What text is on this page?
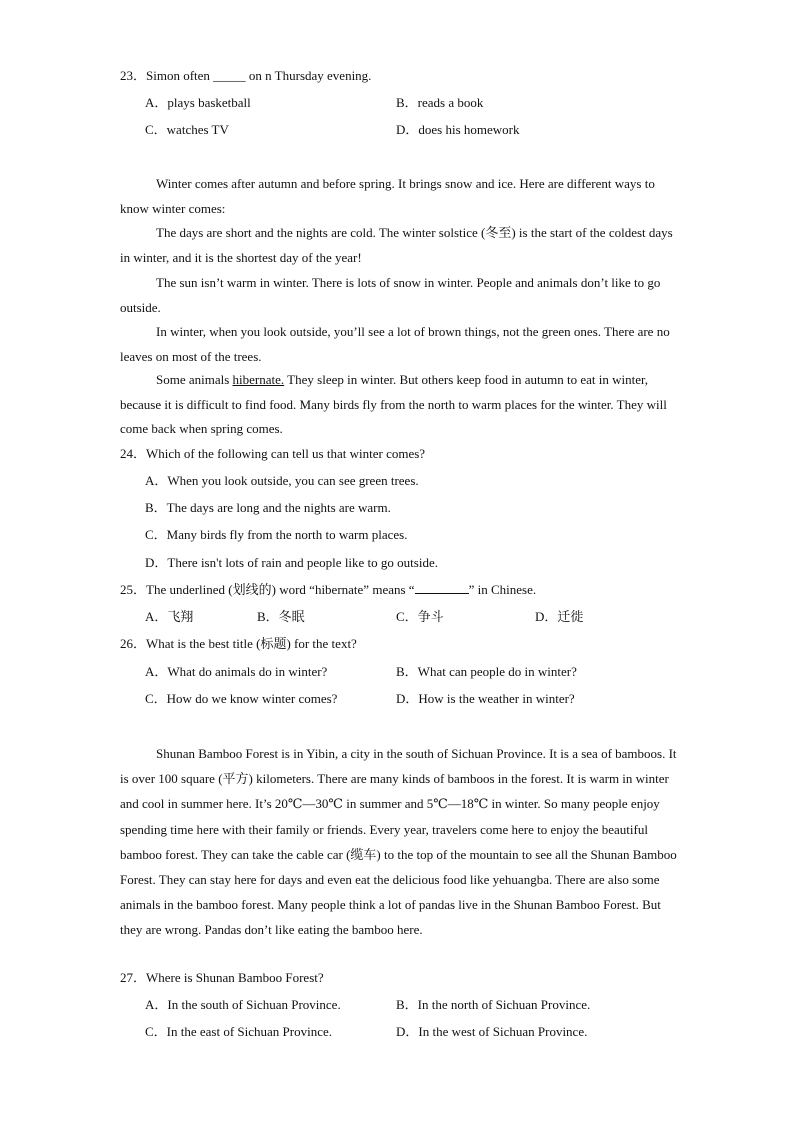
23．Simon often _____ on n Thursday evening.
A．plays basketball	B．reads a book
C．watches TV	D．does his homework
Winter comes after autumn and before spring. It brings snow and ice. Here are different ways to know winter comes:
The days are short and the nights are cold. The winter solstice (冬至) is the start of the coldest days in winter, and it is the shortest day of the year!
The sun isn’t warm in winter. There is lots of snow in winter. People and animals don’t like to go outside.
In winter, when you look outside, you’ll see a lot of brown things, not the green ones. There are no leaves on most of the trees.
Some animals hibernate. They sleep in winter. But others keep food in autumn to eat in winter, because it is difficult to find food. Many birds fly from the north to warm places for the winter. They will come back when spring comes.
24．Which of the following can tell us that winter comes?
A．When you look outside, you can see green trees.
B．The days are long and the nights are warm.
C．Many birds fly from the north to warm places.
D．There isn't lots of rain and people like to go outside.
25．The underlined (划线的) word “hibernate” means “	” in Chinese.
A．飞翔	B．冬眠	C．争斗	D．迁徙
26．What is the best title (标题) for the text?
A．What do animals do in winter?	B．What can people do in winter?
C．How do we know winter comes?	D．How is the weather in winter?
Shunan Bamboo Forest is in Yibin, a city in the south of Sichuan Province. It is a sea of bamboos. It is over 100 square (平方) kilometers. There are many kinds of bamboos in the forest. It is warm in winter and cool in summer here. It’s 20℃—30℃ in summer and 5℃—18℃ in winter. So many people enjoy spending time here with their family or friends. Every year, travelers come here to enjoy the beautiful bamboo forest. They can take the cable car (缆车) to the top of the mountain to see all the Shunan Bamboo Forest. They can stay here for days and even eat the delicious food like yehuangba. There are also some animals in the bamboo forest. Many people think a lot of pandas live in the Shunan Bamboo Forest. But they are wrong. Pandas don’t like eating the bamboo here.
27．Where is Shunan Bamboo Forest?
A．In the south of Sichuan Province.	B．In the north of Sichuan Province.
C．In the east of Sichuan Province.	D．In the west of Sichuan Province.
